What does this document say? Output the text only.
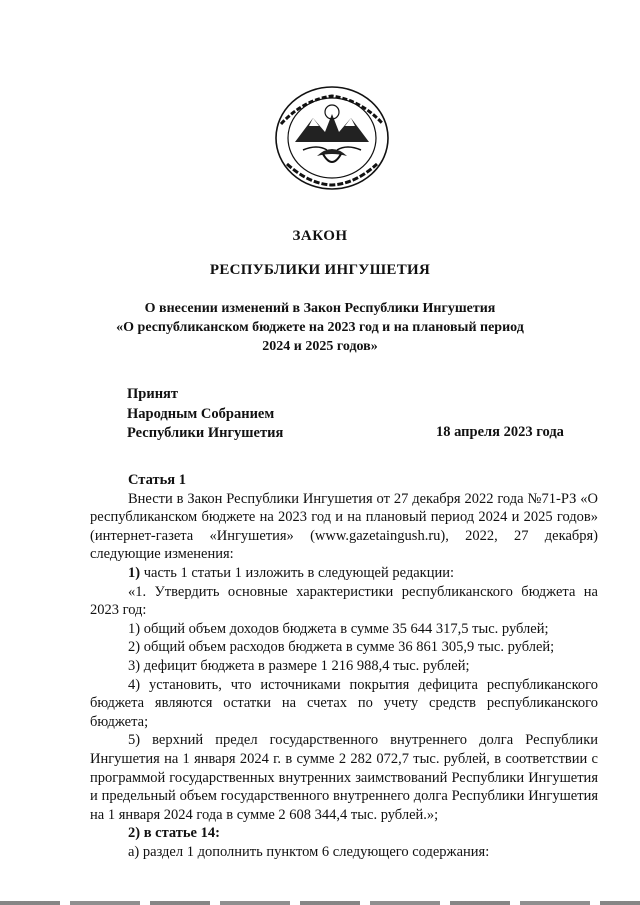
ЗАКОН
РЕСПУБЛИКИ ИНГУШЕТИЯ
О внесении изменений в Закон Республики Ингушетия
«О республиканском бюджете на 2023 год и на плановый период
2024 и 2025 годов»
Принят
Народным Собранием
Республики Ингушетия	18 апреля 2023 года

Статья 1

Внести в Закон Республики Ингушетия от 27 декабря 2022 года №71-РЗ «О республиканском бюджете на 2023 год и на плановый период 2024 и 2025 годов» (интернет-газета «Ингушетия» (www.gazetaingush.ru), 2022, 27 декабря) следующие изменения:

1) часть 1 статьи 1 изложить в следующей редакции:

«1. Утвердить основные характеристики республиканского бюджета на 2023 год:

1) общий объем доходов бюджета в сумме 35 644 317,5 тыс. рублей;

2) общий объем расходов бюджета в сумме 36 861 305,9 тыс. рублей;

3) дефицит бюджета в размере 1 216 988,4 тыс. рублей;

4) установить, что источниками покрытия дефицита республиканского бюджета являются остатки на счетах по учету средств республиканского бюджета;

5) верхний предел государственного внутреннего долга Республики Ингушетия на 1 января 2024 г. в сумме 2 282 072,7 тыс. рублей, в соответствии с программой государственных внутренних заимствований Республики Ингушетия и предельный объем государственного внутреннего долга Республики Ингушетия на 1 января 2024 года в сумме 2 608 344,4 тыс. рублей.»;

2) в статье 14:

а) раздел 1 дополнить пунктом 6 следующего содержания:
